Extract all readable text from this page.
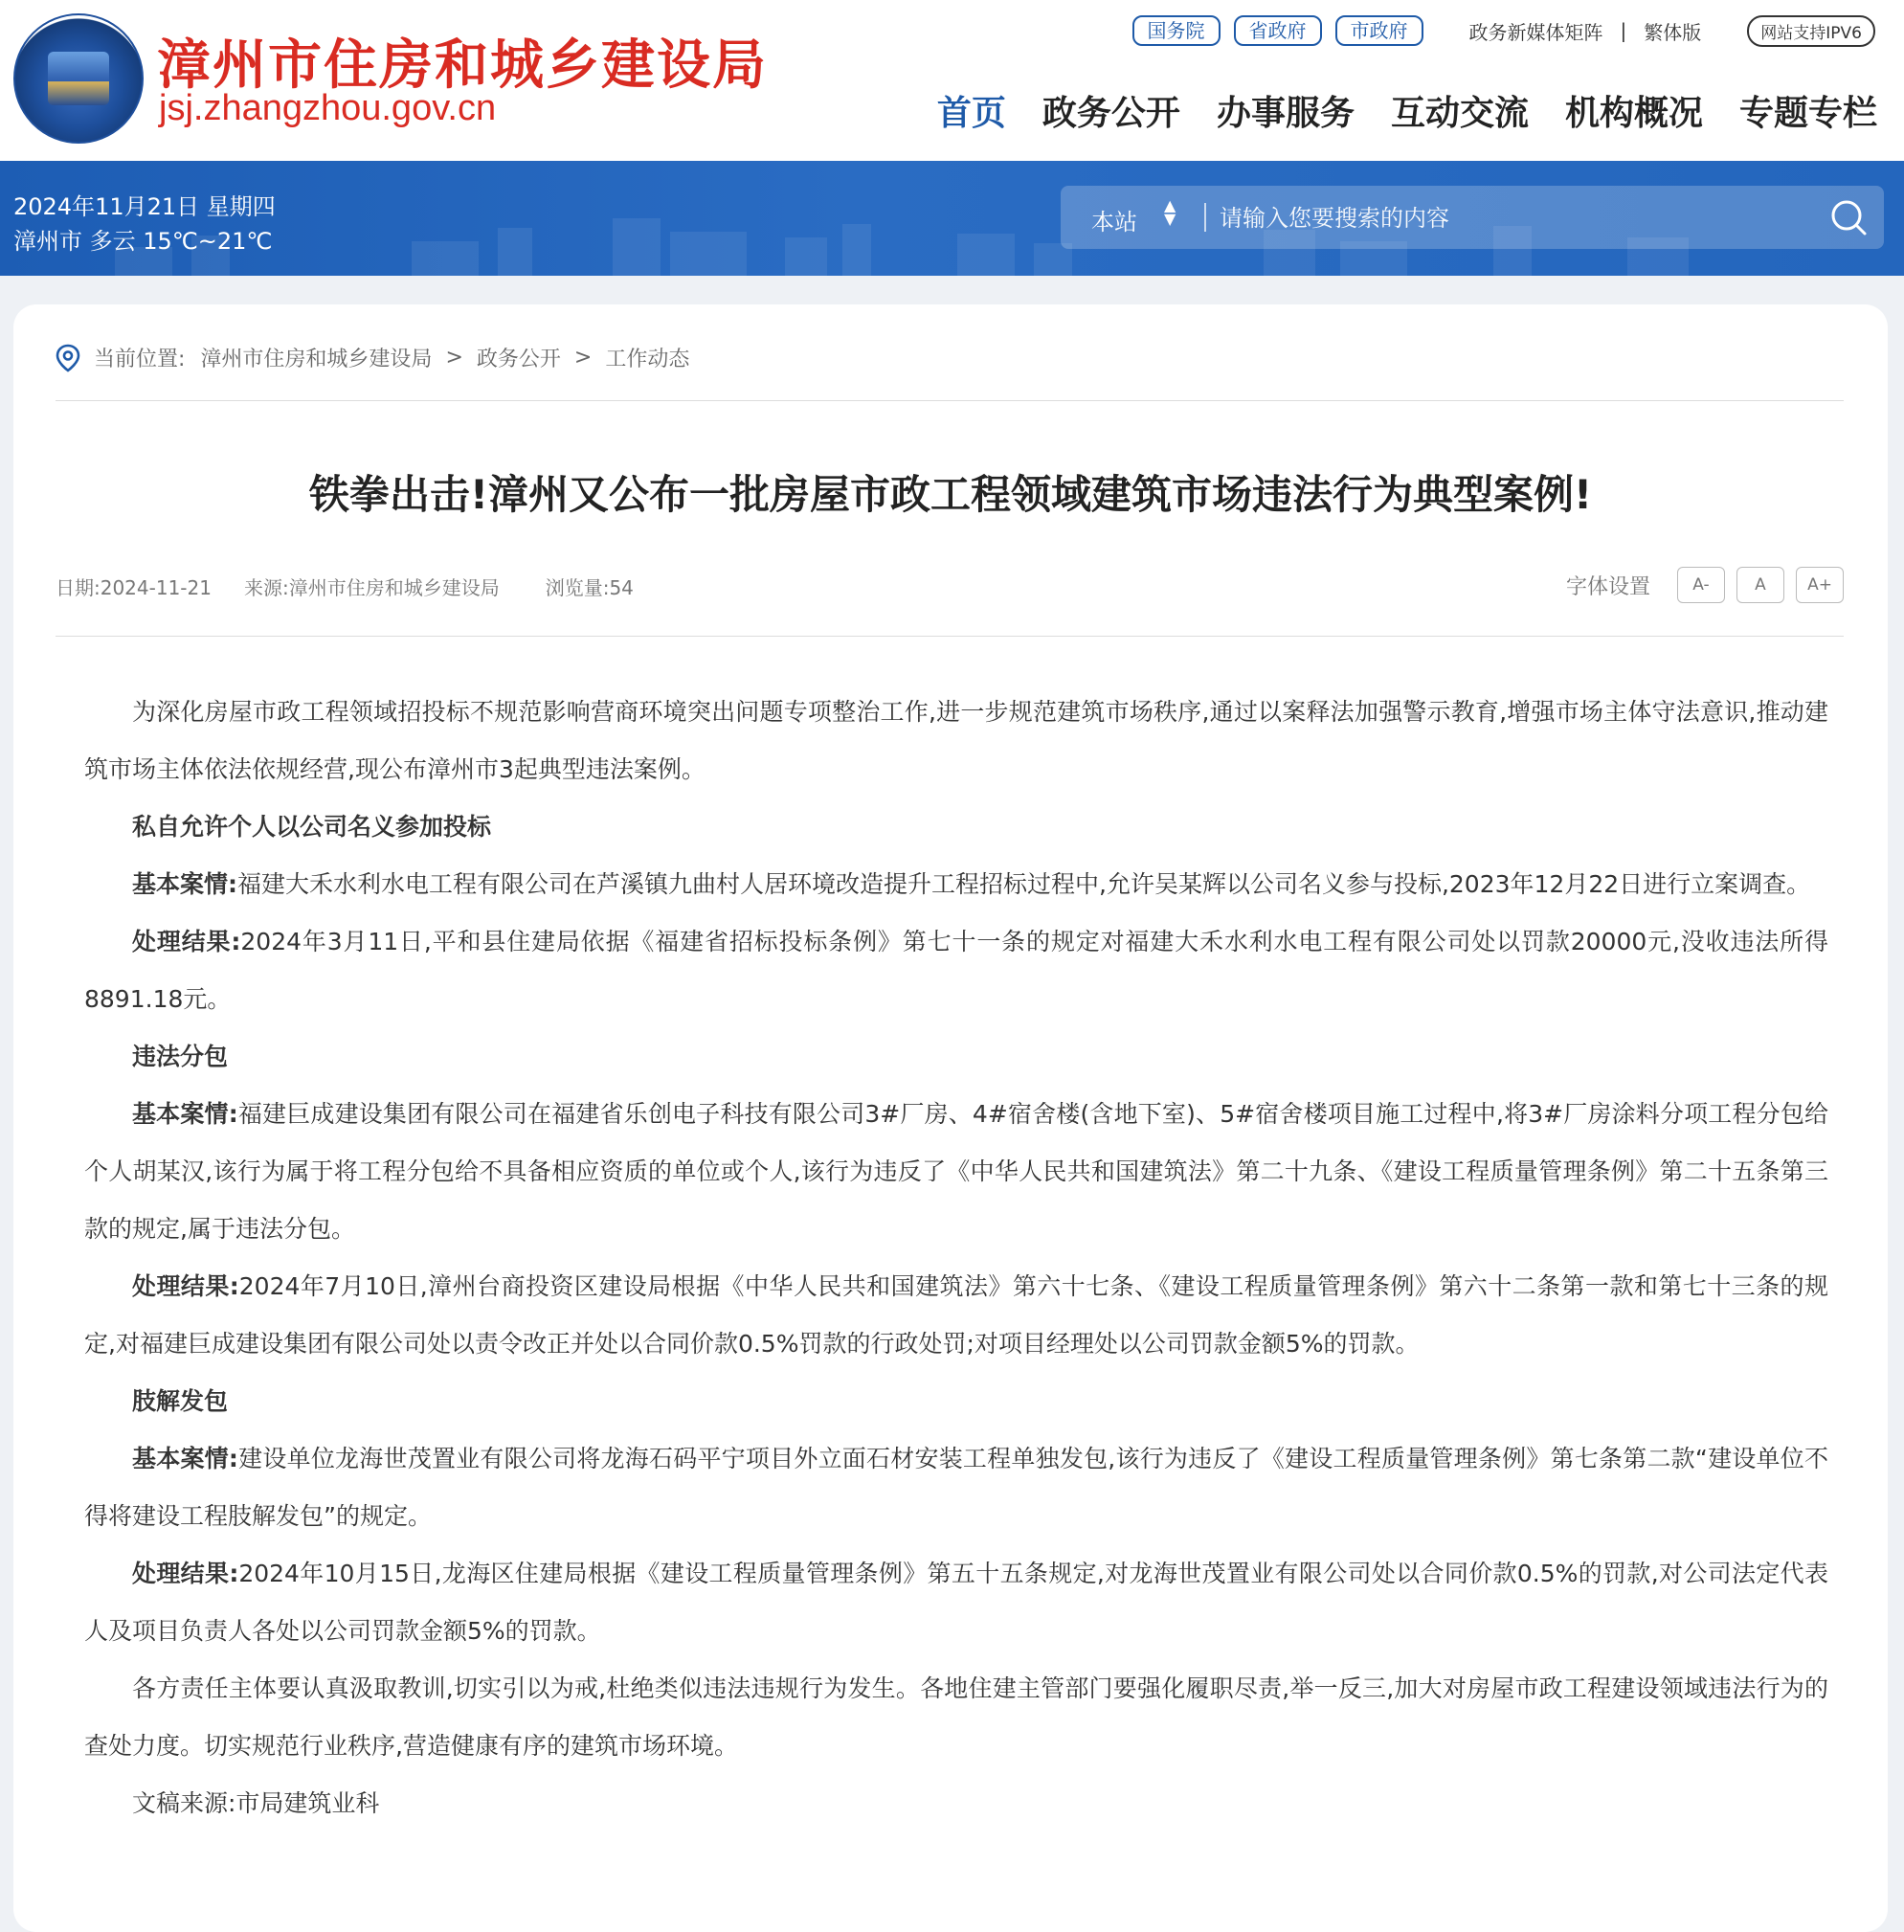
漳州市住房和城乡建设局
jsj.zhangzhou.gov.cn
国务院	省政府	市政府	政务新媒体矩阵 | 繁体版	网站支持IPV6
首页 政务公开 办事服务 互动交流 机构概况 专题专栏
2024年11月21日 星期四
漳州市 多云 15℃~21℃
本站
▲
▼
请输入您要搜索的内容
当前位置: 漳州市住房和城乡建设局 > 政务公开 > 工作动态
铁拳出击!漳州又公布一批房屋市政工程领域建筑市场违法行为典型案例!
日期:2024-11-21 来源:漳州市住房和城乡建设局 浏览量:54	字体设置	A-	A	A+

为深化房屋市政工程领域招投标不规范影响营商环境突出问题专项整治工作,进一步规范建筑市场秩序,通过以案释法加强警示教育,增强市场主体守法意识,推动建筑市场主体依法依规经营,现公布漳州市3起典型违法案例。

私自允许个人以公司名义参加投标

基本案情:福建大禾水利水电工程有限公司在芦溪镇九曲村人居环境改造提升工程招标过程中,允许吴某辉以公司名义参与投标,2023年12月22日进行立案调查。

处理结果:2024年3月11日,平和县住建局依据《福建省招标投标条例》第七十一条的规定对福建大禾水利水电工程有限公司处以罚款20000元,没收违法所得8891.18元。

违法分包

基本案情:福建巨成建设集团有限公司在福建省乐创电子科技有限公司3#厂房、4#宿舍楼(含地下室)、5#宿舍楼项目施工过程中,将3#厂房涂料分项工程分包给个人胡某汉,该行为属于将工程分包给不具备相应资质的单位或个人,该行为违反了《中华人民共和国建筑法》第二十九条、《建设工程质量管理条例》第二十五条第三款的规定,属于违法分包。

处理结果:2024年7月10日,漳州台商投资区建设局根据《中华人民共和国建筑法》第六十七条、《建设工程质量管理条例》第六十二条第一款和第七十三条的规定,对福建巨成建设集团有限公司处以责令改正并处以合同价款0.5%罚款的行政处罚;对项目经理处以公司罚款金额5%的罚款。

肢解发包

基本案情:建设单位龙海世茂置业有限公司将龙海石码平宁项目外立面石材安装工程单独发包,该行为违反了《建设工程质量管理条例》第七条第二款“建设单位不得将建设工程肢解发包”的规定。

处理结果:2024年10月15日,龙海区住建局根据《建设工程质量管理条例》第五十五条规定,对龙海世茂置业有限公司处以合同价款0.5%的罚款,对公司法定代表人及项目负责人各处以公司罚款金额5%的罚款。

各方责任主体要认真汲取教训,切实引以为戒,杜绝类似违法违规行为发生。各地住建主管部门要强化履职尽责,举一反三,加大对房屋市政工程建设领域违法行为的查处力度。切实规范行业秩序,营造健康有序的建筑市场环境。

文稿来源:市局建筑业科
